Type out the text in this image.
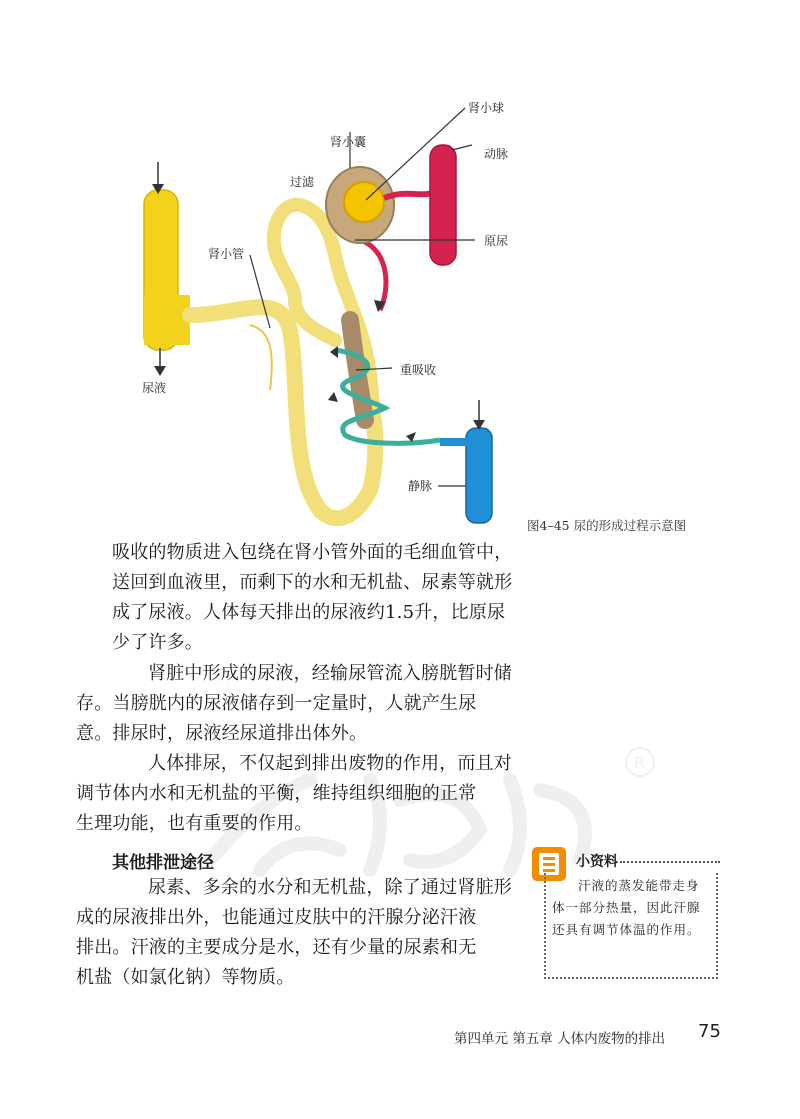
R
肾小球
肾小囊
动脉
过滤
原尿
肾小管
尿液
重吸收
静脉
图4–45 尿的形成过程示意图

吸收的物质进入包绕在肾小管外面的毛细血管中，
送回到血液里，而剩下的水和无机盐、尿素等就形
成了尿液。人体每天排出的尿液约1.5升，比原尿
少了许多。

肾脏中形成的尿液，经输尿管流入膀胱暂时储
存。当膀胱内的尿液储存到一定量时，人就产生尿
意。排尿时，尿液经尿道排出体外。

人体排尿，不仅起到排出废物的作用，而且对
调节体内水和无机盐的平衡，维持组织细胞的正常
生理功能，也有重要的作用。

其他排泄途径

尿素、多余的水分和无机盐，除了通过肾脏形
成的尿液排出外，也能通过皮肤中的汗腺分泌汗液
排出。汗液的主要成分是水，还有少量的尿素和无
机盐（如氯化钠）等物质。

小资料

汗液的蒸发能带走身体一部分热量，因此汗腺还具有调节体温的作用。

第四单元 第五章 人体内废物的排出 75
